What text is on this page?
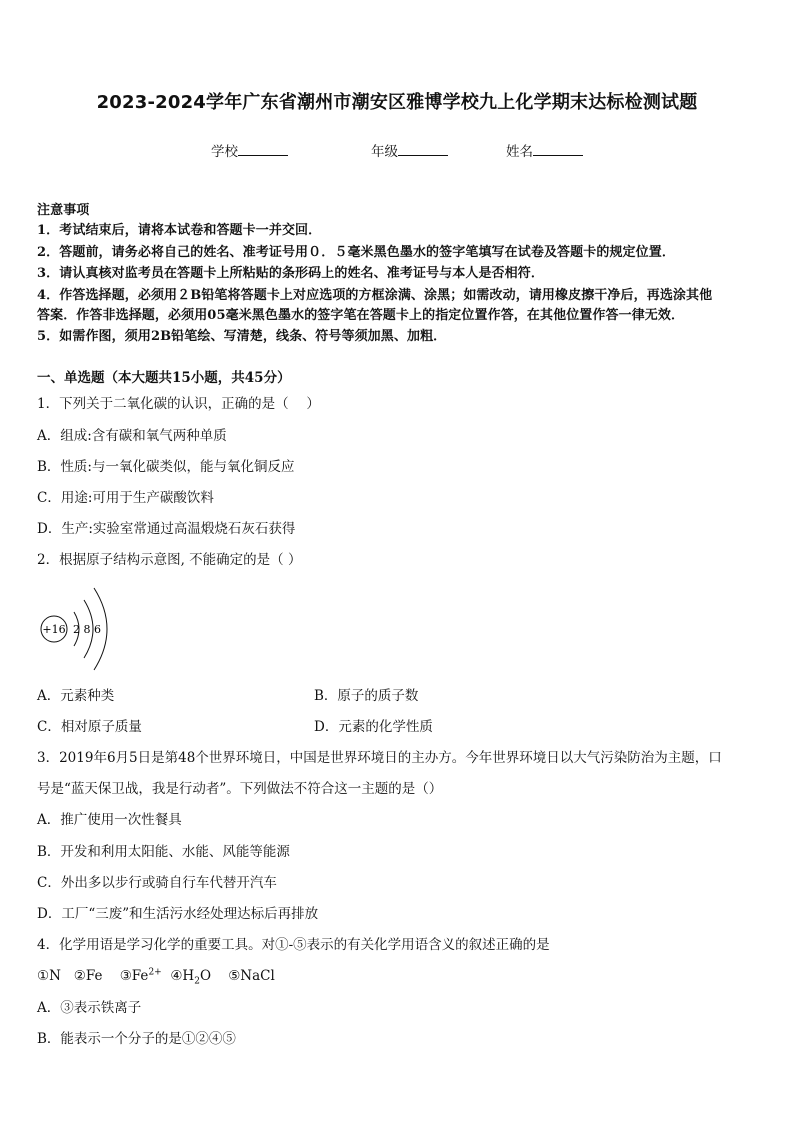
2023-2024学年广东省潮州市潮安区雅博学校九上化学期末达标检测试题
学校	年级	姓名
注意事项
1．考试结束后，请将本试卷和答题卡一并交回．
2．答题前，请务必将自己的姓名、准考证号用０．５毫米黑色墨水的签字笔填写在试卷及答题卡的规定位置．
3．请认真核对监考员在答题卡上所粘贴的条形码上的姓名、准考证号与本人是否相符．
4．作答选择题，必须用２B铅笔将答题卡上对应选项的方框涂满、涂黑；如需改动，请用橡皮擦干净后，再选涂其他
答案．作答非选择题，必须用05毫米黑色墨水的签字笔在答题卡上的指定位置作答，在其他位置作答一律无效．
5．如需作图，须用2B铅笔绘、写清楚，线条、符号等须加黑、加粗．
一、单选题（本大题共15小题，共45分）
1．下列关于二氧化碳的认识，正确的是（　 ）
A．组成:含有碳和氧气两种单质
B．性质:与一氧化碳类似，能与氧化铜反应
C．用途:可用于生产碳酸饮料
D．生产:实验室常通过高温煅烧石灰石获得
2．根据原子结构示意图, 不能确定的是（ ）
+16 2 8 6
A．元素种类	B．原子的质子数
C．相对原子质量	D．元素的化学性质
3．2019年6月5日是第48个世界环境日，中国是世界环境日的主办方。今年世界环境日以大气污染防治为主题，口
号是“蓝天保卫战，我是行动者”。下列做法不符合这一主题的是（）
A．推广使用一次性餐具
B．开发和利用太阳能、水能、风能等能源
C．外出多以步行或骑自行车代替开汽车
D．工厂“三废”和生活污水经处理达标后再排放
4．化学用语是学习化学的重要工具。对①-⑤表示的有关化学用语含义的叙述正确的是
①N ②Fe $③Fe^{2+}$ $④H_2O$ ⑤NaCl
A．③表示铁离子
B．能表示一个分子的是①②④⑤
